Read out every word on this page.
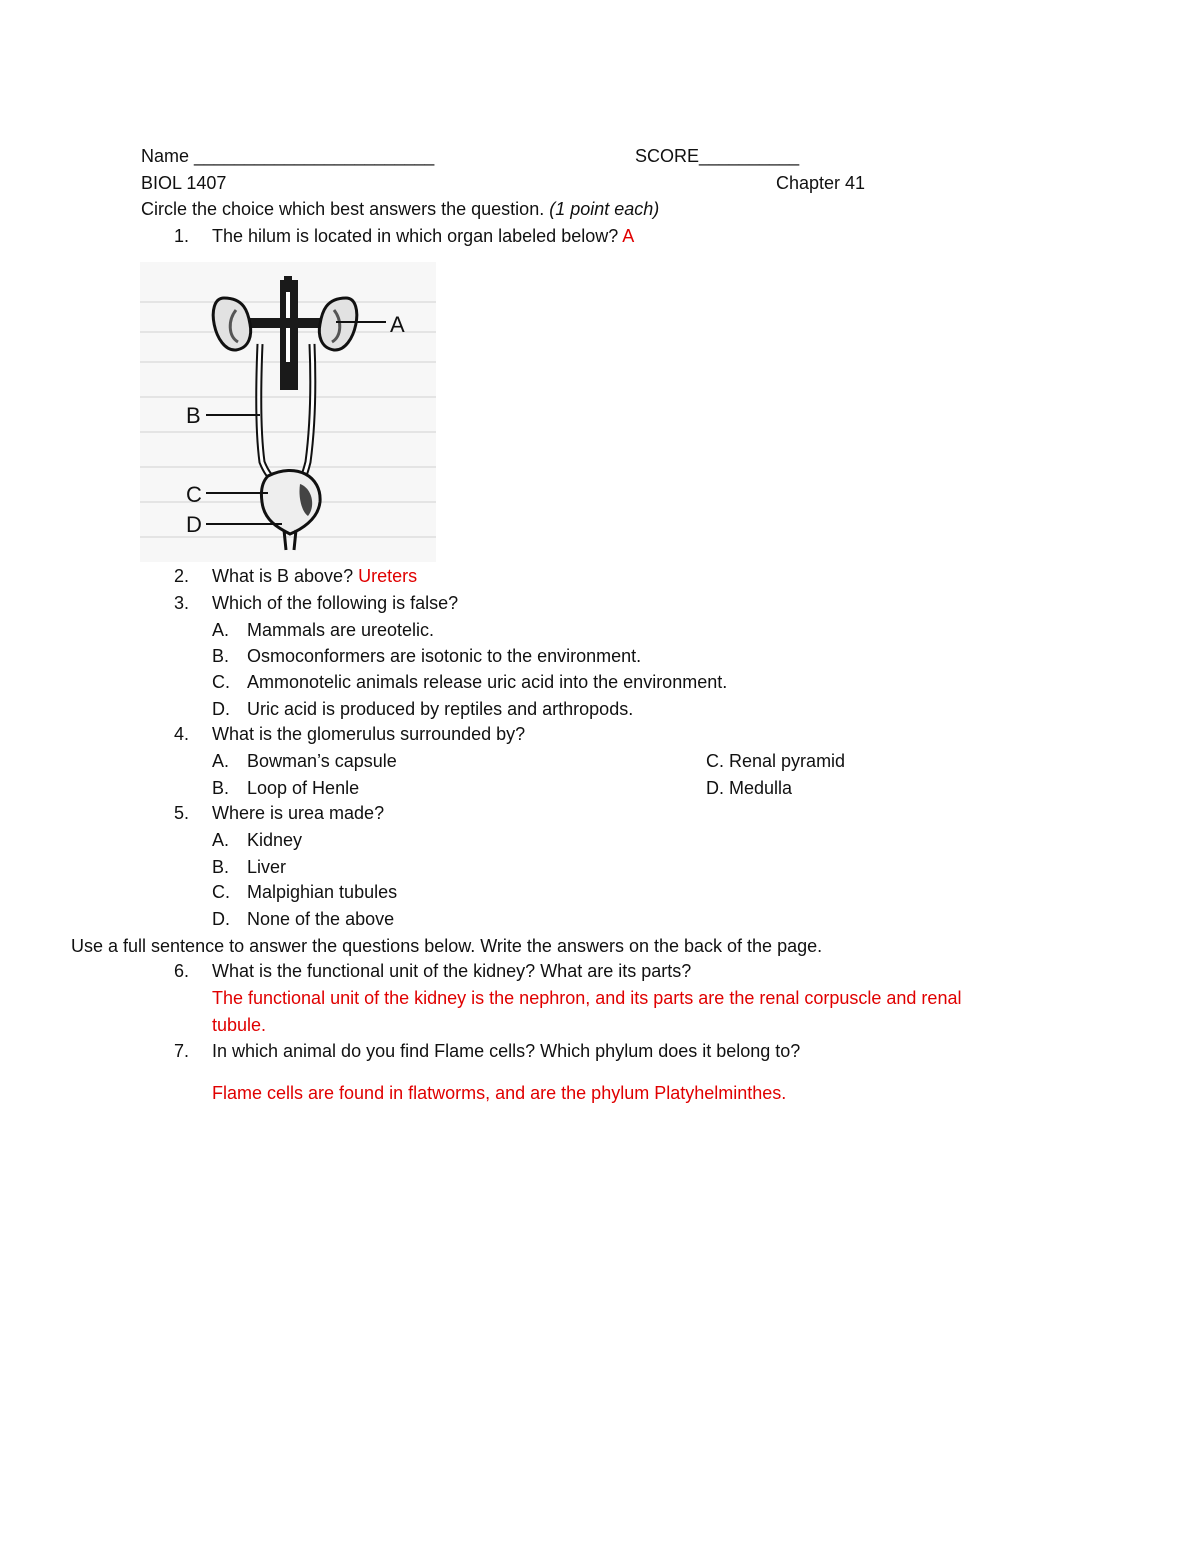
Name ________________________	SCORE__________
BIOL 1407	Chapter 41
Circle the choice which best answers the question. (1 point each)
1. The hilum is located in which organ labeled below? A
A
B
C
D
2. What is B above? Ureters
3. Which of the following is false?
A. Mammals are ureotelic.
B. Osmoconformers are isotonic to the environment.
C. Ammonotelic animals release uric acid into the environment.
D. Uric acid is produced by reptiles and arthropods.
4. What is the glomerulus surrounded by?
A. Bowman’s capsule
B. Loop of Henle
C. Renal pyramid
D. Medulla
5. Where is urea made?
A. Kidney
B. Liver
C. Malpighian tubules
D. None of the above
Use a full sentence to answer the questions below. Write the answers on the back of the page.
6. What is the functional unit of the kidney? What are its parts?
The functional unit of the kidney is the nephron, and its parts are the renal corpuscle and renal
tubule.
7. In which animal do you find Flame cells? Which phylum does it belong to?
Flame cells are found in flatworms, and are the phylum Platyhelminthes.
